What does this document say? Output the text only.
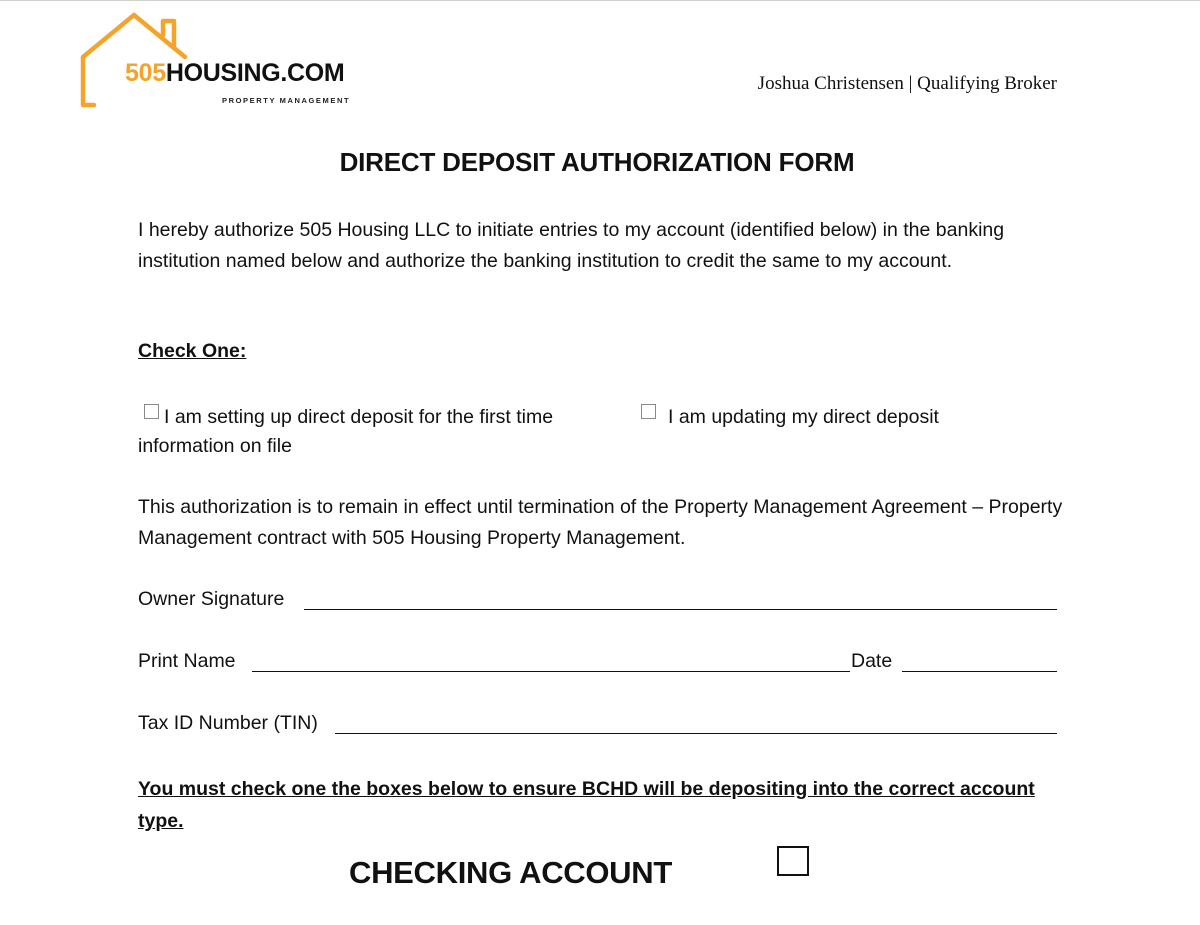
505HOUSING.COM
PROPERTY MANAGEMENT
Joshua Christensen | Qualifying Broker
DIRECT DEPOSIT AUTHORIZATION FORM
I hereby authorize 505 Housing LLC to initiate entries to my account (identified below) in the banking institution named below and authorize the banking institution to credit the same to my account.
Check One:
I am setting up direct deposit for the first time
information on file
I am updating my direct deposit
This authorization is to remain in effect until termination of the Property Management Agreement – Property Management contract with 505 Housing Property Management.
Owner Signature
Print Name	Date
Tax ID Number (TIN)
You must check one the boxes below to ensure BCHD will be depositing into the correct account type.
CHECKING ACCOUNT
